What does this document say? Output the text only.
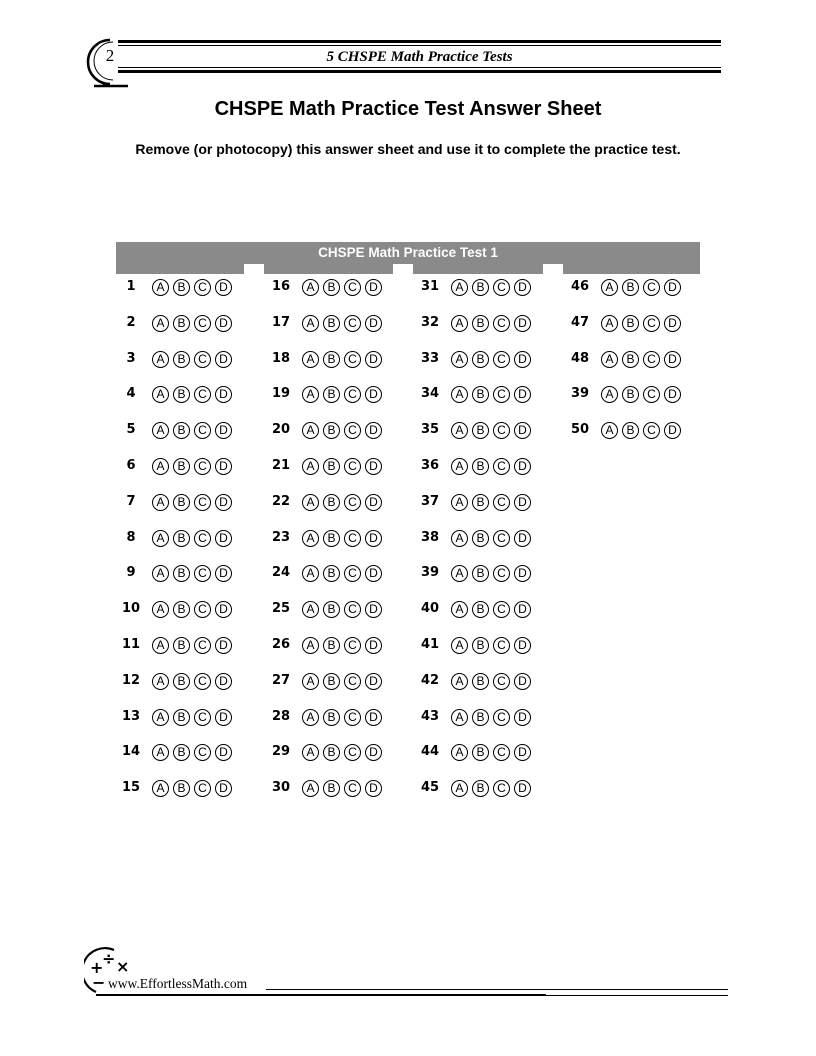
2	5 CHSPE Math Practice Tests
CHSPE Math Practice Test Answer Sheet
Remove (or photocopy) this answer sheet and use it to complete the practice test.
CHSPE Math Practice Test 1
1	A	B	C	D
2	A	B	C	D
3	A	B	C	D
4	A	B	C	D
5	A	B	C	D
6	A	B	C	D
7	A	B	C	D
8	A	B	C	D
9	A	B	C	D
10	A	B	C	D
11	A	B	C	D
12	A	B	C	D
13	A	B	C	D
14	A	B	C	D
15	A	B	C	D
16	A	B	C	D
17	A	B	C	D
18	A	B	C	D
19	A	B	C	D
20	A	B	C	D
21	A	B	C	D
22	A	B	C	D
23	A	B	C	D
24	A	B	C	D
25	A	B	C	D
26	A	B	C	D
27	A	B	C	D
28	A	B	C	D
29	A	B	C	D
30	A	B	C	D
31	A	B	C	D
32	A	B	C	D
33	A	B	C	D
34	A	B	C	D
35	A	B	C	D
36	A	B	C	D
37	A	B	C	D
38	A	B	C	D
39	A	B	C	D
40	A	B	C	D
41	A	B	C	D
42	A	B	C	D
43	A	B	C	D
44	A	B	C	D
45	A	B	C	D
46	A	B	C	D
47	A	B	C	D
48	A	B	C	D
39	A	B	C	D
50	A	B	C	D
+
÷ ×
− www.EffortlessMath.com
